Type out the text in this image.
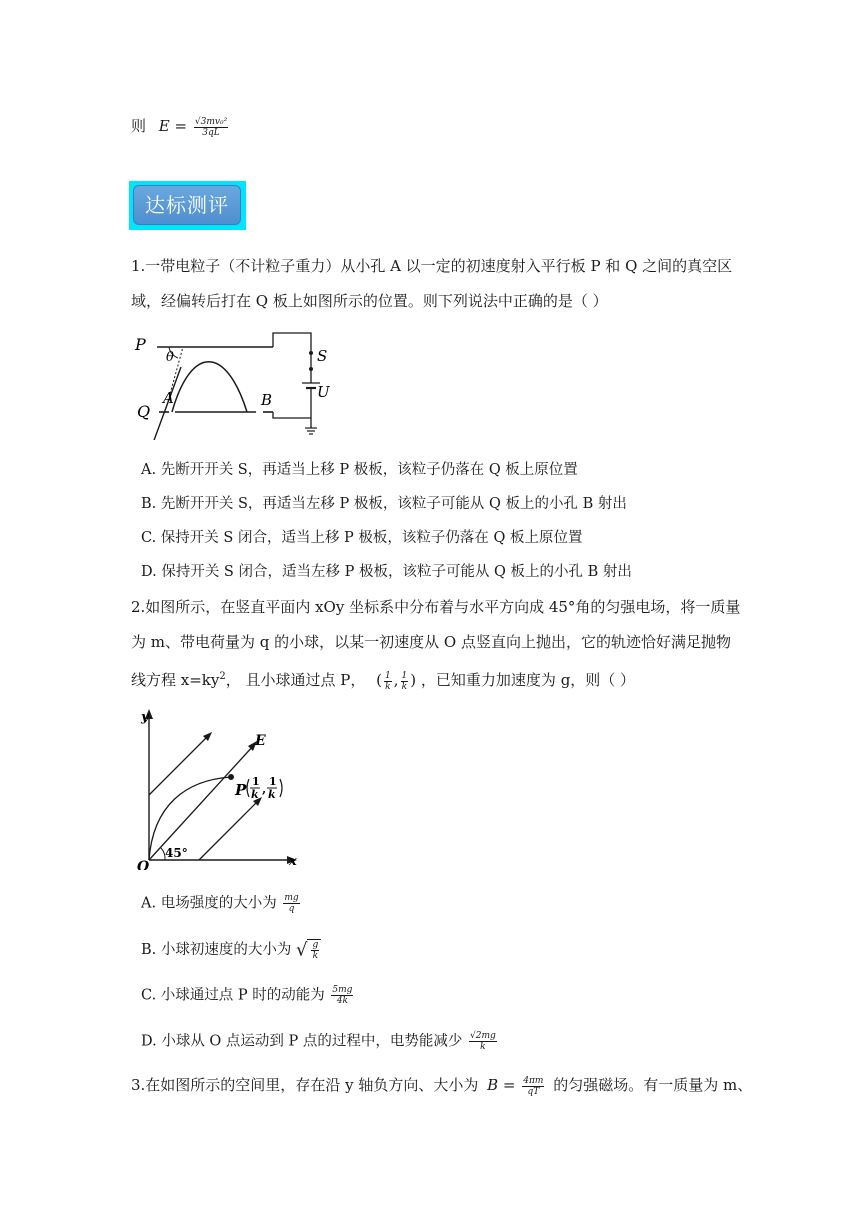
则 $E = \frac{\text{√3mv₀²}}{3qL}$
达标测评
1.一带电粒子（不计粒子重力）从小孔 A 以一定的初速度射入平行板 P 和 Q 之间的真空区
域，经偏转后打在 Q 板上如图所示的位置。则下列说法中正确的是（ ）
S
U
θ
P
Q
A	B
A. 先断开开关 S，再适当上移 P 极板，该粒子仍落在 Q 板上原位置
B. 先断开开关 S，再适当左移 P 极板，该粒子可能从 Q 板上的小孔 B 射出
C. 保持开关 S 闭合，适当上移 P 极板，该粒子仍落在 Q 板上原位置
D. 保持开关 S 闭合，适当左移 P 极板，该粒子可能从 Q 板上的小孔 B 射出
2.如图所示，在竖直平面内 xOy 坐标系中分布着与水平方向成 45°角的匀强电场，将一质量
为 m、带电荷量为 q 的小球，以某一初速度从 O 点竖直向上抛出，它的轨迹恰好满足抛物
线方程 $x=ky^2$， 且小球通过点 P， ( $\frac{1}{k}$ , $\frac{1}{k}$ ) ，已知重力加速度为 g，则（ ）
y
x
O
E
45°
P 1
k ,
1
k
A. 电场强度的大小为 $\frac{mg}{q}$
B. 小球初速度的大小为 √ $\frac{g}{k}$
C. 小球通过点 P 时的动能为 $\frac{5mg}{4k}$
D. 小球从 O 点运动到 P 点的过程中，电势能减少 $\frac{√2mg}{k}$
3.在如图所示的空间里，存在沿 y 轴负方向、大小为 $B = \frac{4\pi m}{qT}$ 的匀强磁场。有一质量为 m、
